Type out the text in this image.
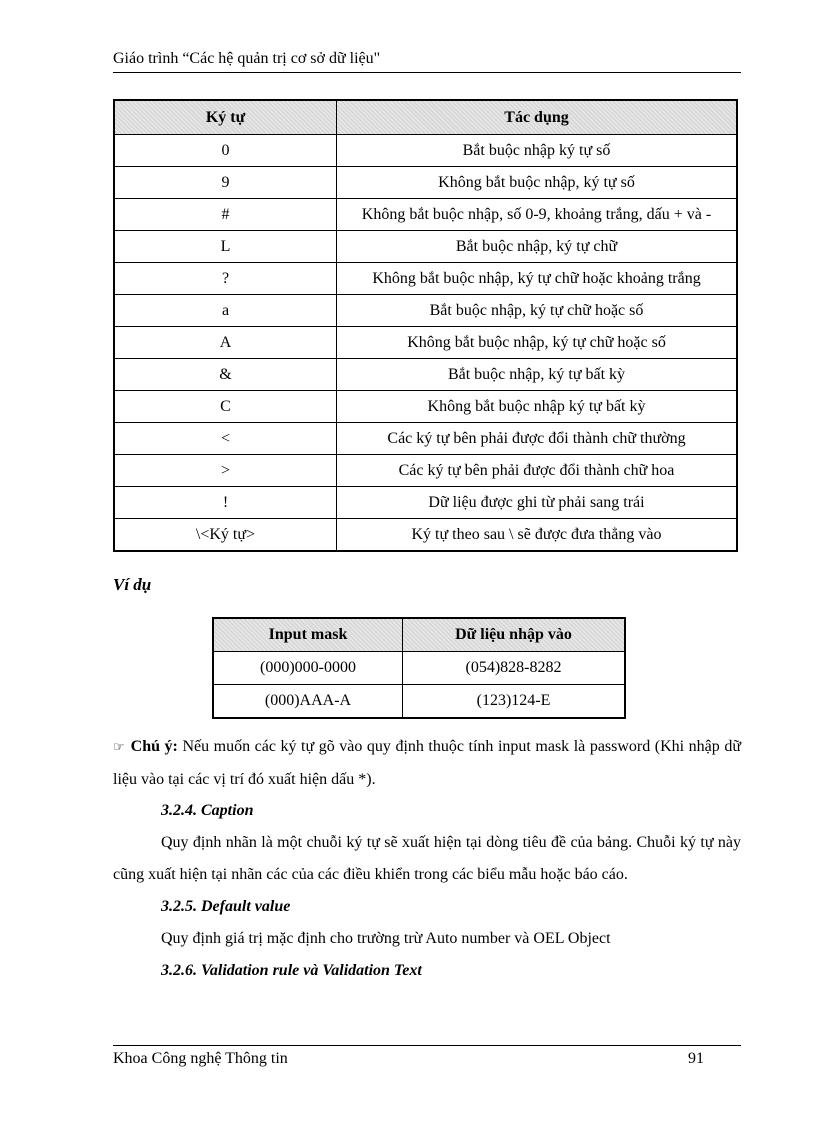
Giáo trình “Các hệ quản trị cơ sở dữ liệu"
Ký tự	Tác dụng
0	Bắt buộc nhập ký tự số
9	Không bắt buộc nhập, ký tự số
#	Không bắt buộc nhập, số 0-9, khoảng trắng, dấu + và -
L	Bắt buộc nhập, ký tự chữ
?	Không bắt buộc nhập, ký tự chữ hoặc khoảng trắng
a	Bắt buộc nhập, ký tự chữ hoặc số
A	Không bắt buộc nhập, ký tự chữ hoặc số
&	Bắt buộc nhập, ký tự bất kỳ
C	Không bắt buộc nhập ký tự bất kỳ
<	Các ký tự bên phải được đổi thành chữ thường
>	Các ký tự bên phải được đổi thành chữ hoa
!	Dữ liệu được ghi từ phải sang trái
\<Ký tự>	Ký tự theo sau \ sẽ được đưa thẳng vào
Ví dụ
Input mask	Dữ liệu nhập vào
(000)000-0000	(054)828-8282
(000)AAA-A	(123)124-E
☞ Chú ý: Nếu muốn các ký tự gõ vào quy định thuộc tính input mask là password (Khi nhập dữ liệu vào tại các vị trí đó xuất hiện dấu *).
3.2.4. Caption
Quy định nhãn là một chuỗi ký tự sẽ xuất hiện tại dòng tiêu đề của bảng. Chuỗi ký tự này cũng xuất hiện tại nhãn các của các điều khiển trong các biểu mẫu hoặc báo cáo.
3.2.5. Default value
Quy định giá trị mặc định cho trường trừ Auto number và OEL Object
3.2.6. Validation rule và Validation Text
Khoa Công nghệ Thông tin	91
